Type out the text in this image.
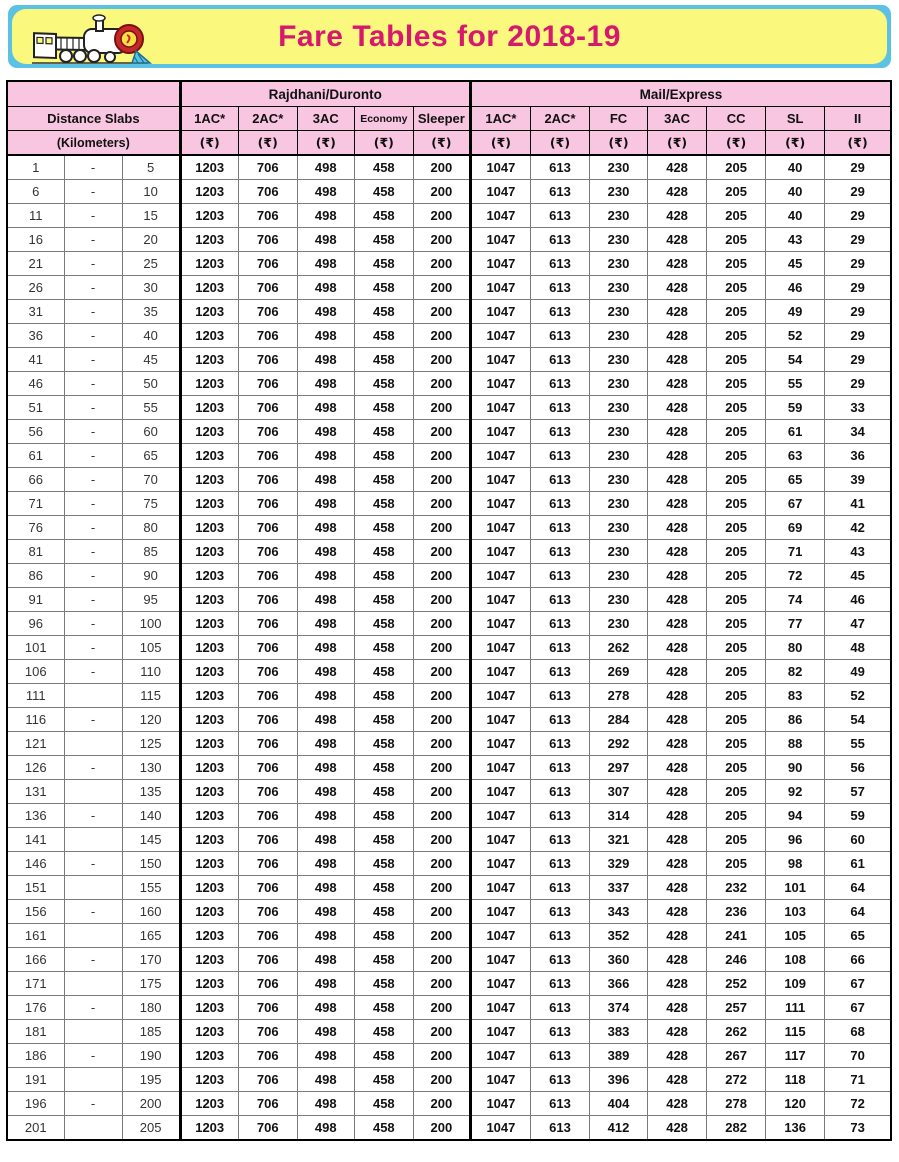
Fare Tables for 2018-19
			Rajdhani/Duronto					Mail/Express						
Distance Slabs			1AC*	2AC*	3AC	Economy	Sleeper	1AC*	2AC*	FC	3AC	CC	SL	II
(Kilometers)			(₹)	(₹)	(₹)	(₹)	(₹)	(₹)	(₹)	(₹)	(₹)	(₹)	(₹)	(₹)
1	-	5	1203	706	498	458	200	1047	613	230	428	205	40	29
6	-	10	1203	706	498	458	200	1047	613	230	428	205	40	29
11	-	15	1203	706	498	458	200	1047	613	230	428	205	40	29
16	-	20	1203	706	498	458	200	1047	613	230	428	205	43	29
21	-	25	1203	706	498	458	200	1047	613	230	428	205	45	29
26	-	30	1203	706	498	458	200	1047	613	230	428	205	46	29
31	-	35	1203	706	498	458	200	1047	613	230	428	205	49	29
36	-	40	1203	706	498	458	200	1047	613	230	428	205	52	29
41	-	45	1203	706	498	458	200	1047	613	230	428	205	54	29
46	-	50	1203	706	498	458	200	1047	613	230	428	205	55	29
51	-	55	1203	706	498	458	200	1047	613	230	428	205	59	33
56	-	60	1203	706	498	458	200	1047	613	230	428	205	61	34
61	-	65	1203	706	498	458	200	1047	613	230	428	205	63	36
66	-	70	1203	706	498	458	200	1047	613	230	428	205	65	39
71	-	75	1203	706	498	458	200	1047	613	230	428	205	67	41
76	-	80	1203	706	498	458	200	1047	613	230	428	205	69	42
81	-	85	1203	706	498	458	200	1047	613	230	428	205	71	43
86	-	90	1203	706	498	458	200	1047	613	230	428	205	72	45
91	-	95	1203	706	498	458	200	1047	613	230	428	205	74	46
96	-	100	1203	706	498	458	200	1047	613	230	428	205	77	47
101	-	105	1203	706	498	458	200	1047	613	262	428	205	80	48
106	-	110	1203	706	498	458	200	1047	613	269	428	205	82	49
111		115	1203	706	498	458	200	1047	613	278	428	205	83	52
116	-	120	1203	706	498	458	200	1047	613	284	428	205	86	54
121		125	1203	706	498	458	200	1047	613	292	428	205	88	55
126	-	130	1203	706	498	458	200	1047	613	297	428	205	90	56
131		135	1203	706	498	458	200	1047	613	307	428	205	92	57
136	-	140	1203	706	498	458	200	1047	613	314	428	205	94	59
141		145	1203	706	498	458	200	1047	613	321	428	205	96	60
146	-	150	1203	706	498	458	200	1047	613	329	428	205	98	61
151		155	1203	706	498	458	200	1047	613	337	428	232	101	64
156	-	160	1203	706	498	458	200	1047	613	343	428	236	103	64
161		165	1203	706	498	458	200	1047	613	352	428	241	105	65
166	-	170	1203	706	498	458	200	1047	613	360	428	246	108	66
171		175	1203	706	498	458	200	1047	613	366	428	252	109	67
176	-	180	1203	706	498	458	200	1047	613	374	428	257	111	67
181		185	1203	706	498	458	200	1047	613	383	428	262	115	68
186	-	190	1203	706	498	458	200	1047	613	389	428	267	117	70
191		195	1203	706	498	458	200	1047	613	396	428	272	118	71
196	-	200	1203	706	498	458	200	1047	613	404	428	278	120	72
201		205	1203	706	498	458	200	1047	613	412	428	282	136	73
